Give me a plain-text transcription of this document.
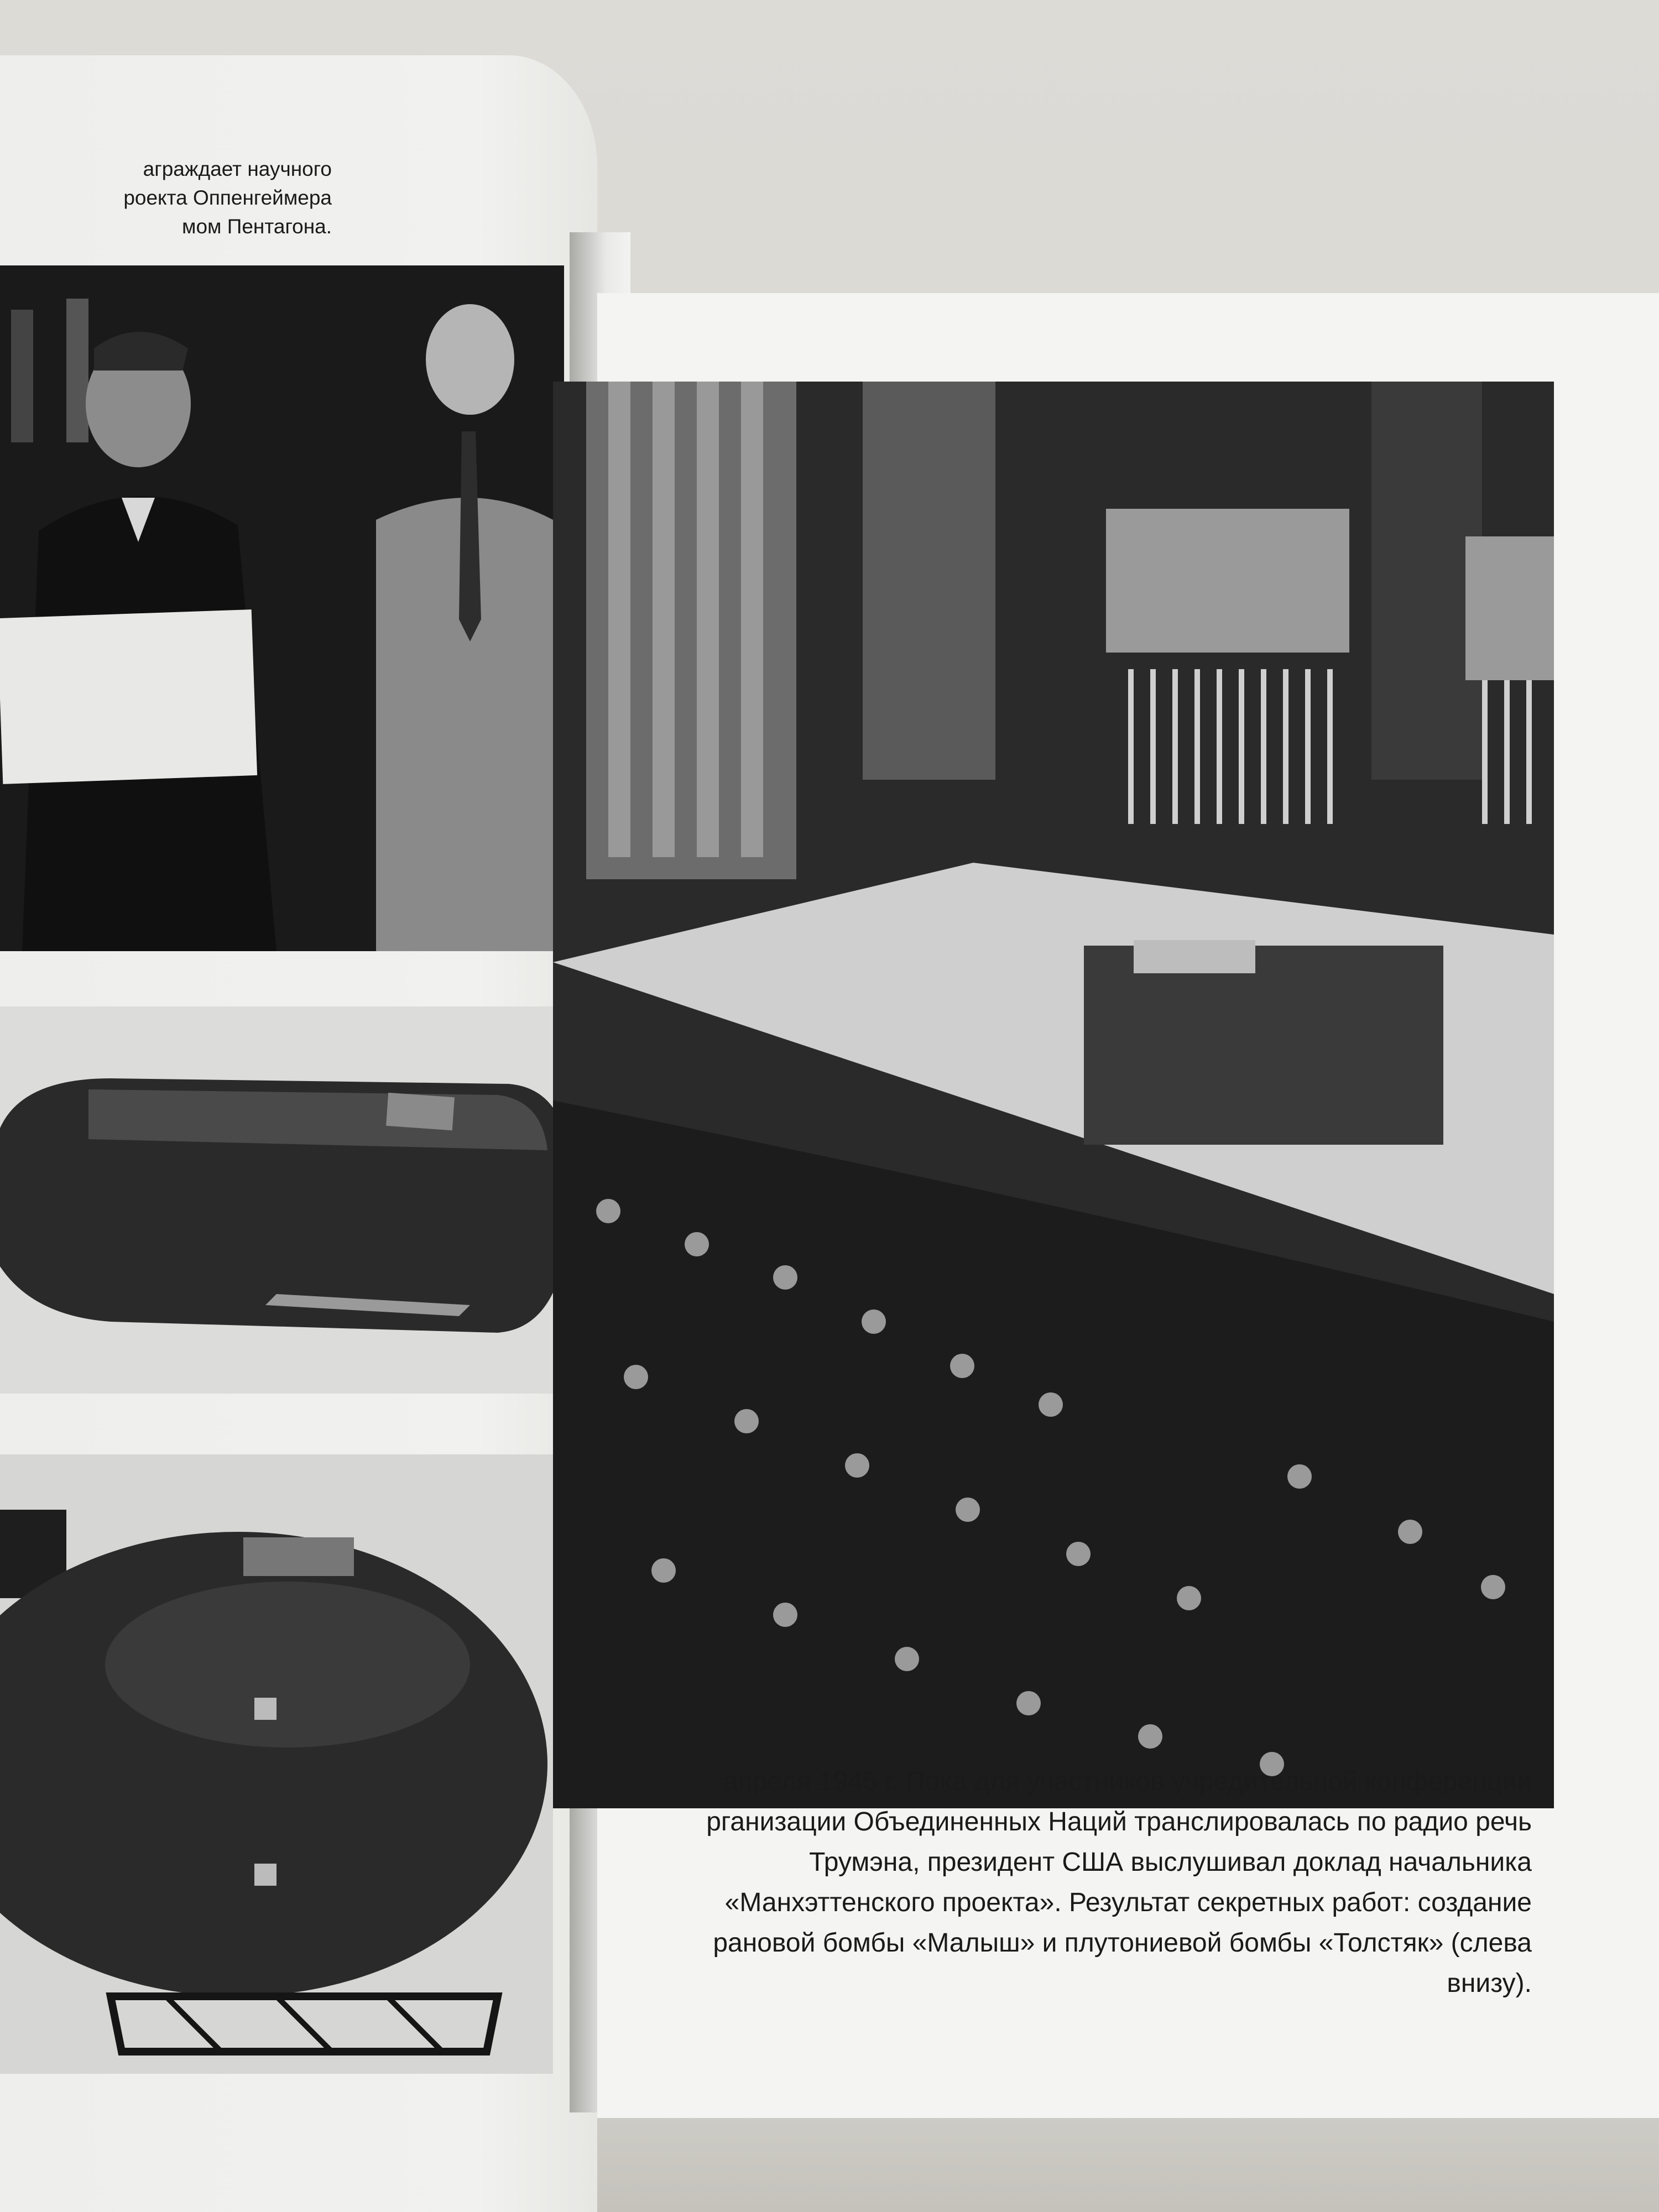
аграждает научного
роекта Оппенгеймера
мом Пентагона.
апреля 1945 г. Пока для участников учредительной конференции
рганизации Объединенных Наций транслировалась по радио речь
Трумэна, президент США выслушивал доклад начальника
«Манхэттенского проекта». Результат секретных работ: создание
рановой бомбы «Малыш» и плутониевой бомбы «Толстяк» (слева
внизу).
